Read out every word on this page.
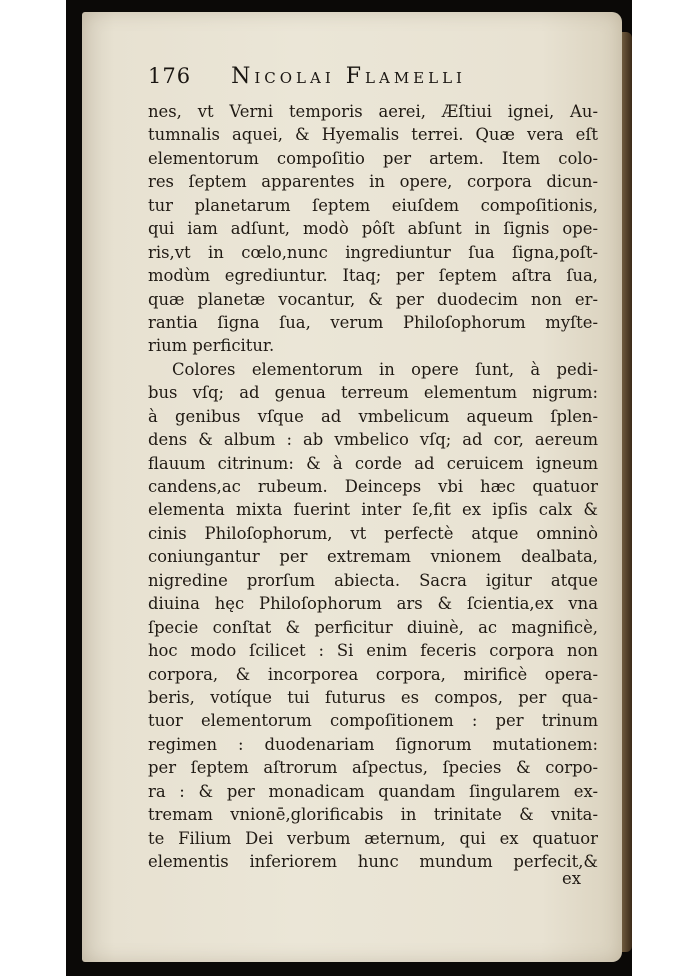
176 Nicolai Flamelli
nes, vt Verni temporis aerei, Æſtiui ignei, Au-
tumnalis aquei, & Hyemalis terrei. Quæ vera eſt
elementorum compoſitio per artem. Item colo-
res ſeptem apparentes in opere, corpora dicun-
tur planetarum ſeptem eiuſdem compoſitionis,
qui iam adſunt, modò pôſt abſunt in ſignis ope-
ris,vt in cœlo,nunc ingrediuntur ſua ſigna,poſt-
modùm egrediuntur. Itaq; per ſeptem aſtra ſua,
quæ planetæ vocantur, & per duodecim non er-
rantia ſigna ſua, verum Philoſophorum myſte-
rium perficitur.
Colores elementorum in opere ſunt, à pedi-
bus vſq; ad genua terreum elementum nigrum:
à genibus vſque ad vmbelicum aqueum ſplen-
dens & album : ab vmbelico vſq; ad cor, aereum
flauum citrinum: & à corde ad ceruicem igneum
candens,ac rubeum. Deinceps vbi hæc quatuor
elementa mixta fuerint inter ſe,fit ex ipſis calx &
cinis Philoſophorum, vt perfectè atque omninò
coniungantur per extremam vnionem dealbata,
nigredine prorſum abiecta. Sacra igitur atque
diuina hęc Philoſophorum ars & ſcientia,ex vna
ſpecie conſtat & perficitur diuinè, ac magnificè,
hoc modo ſcilicet : Si enim feceris corpora non
corpora, & incorporea corpora, mirificè opera-
beris, votíque tui futurus es compos, per qua-
tuor elementorum compoſitionem : per trinum
regimen : duodenariam ſignorum mutationem:
per ſeptem aſtrorum aſpectus, ſpecies & corpo-
ra : & per monadicam quandam ſingularem ex-
tremam vnionē,glorificabis in trinitate & vnita-
te Filium Dei verbum æternum, qui ex quatuor
elementis inferiorem hunc mundum perfecit,&
ex
